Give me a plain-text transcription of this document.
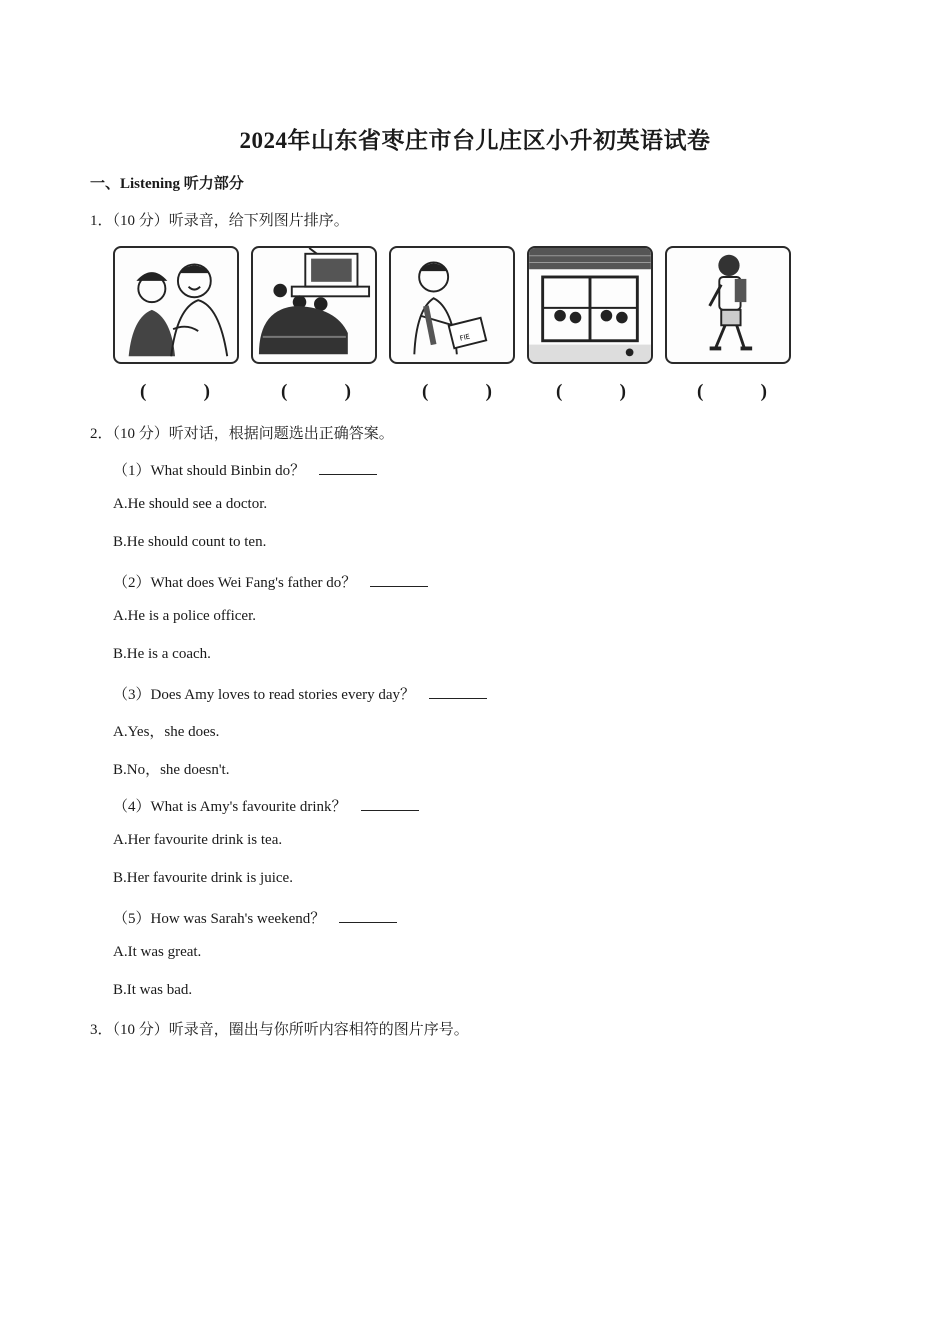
2024年山东省枣庄市台儿庄区小升初英语试卷
一、Listening 听力部分
1．（10 分）听录音，给下列图片排序。
FIE
(	)	(	)	(	)	(	)	(	)
2．（10 分）听对话，根据问题选出正确答案。
（1）What should Binbin do？
A.He should see a doctor.
B.He should count to ten.
（2）What does Wei Fang's father do？
A.He is a police officer.
B.He is a coach.
（3）Does Amy loves to read stories every day？
A.Yes，she does.
B.No，she doesn't.
（4）What is Amy's favourite drink？
A.Her favourite drink is tea.
B.Her favourite drink is juice.
（5）How was Sarah's weekend？
A.It was great.
B.It was bad.
3．（10 分）听录音，圈出与你所听内容相符的图片序号。
